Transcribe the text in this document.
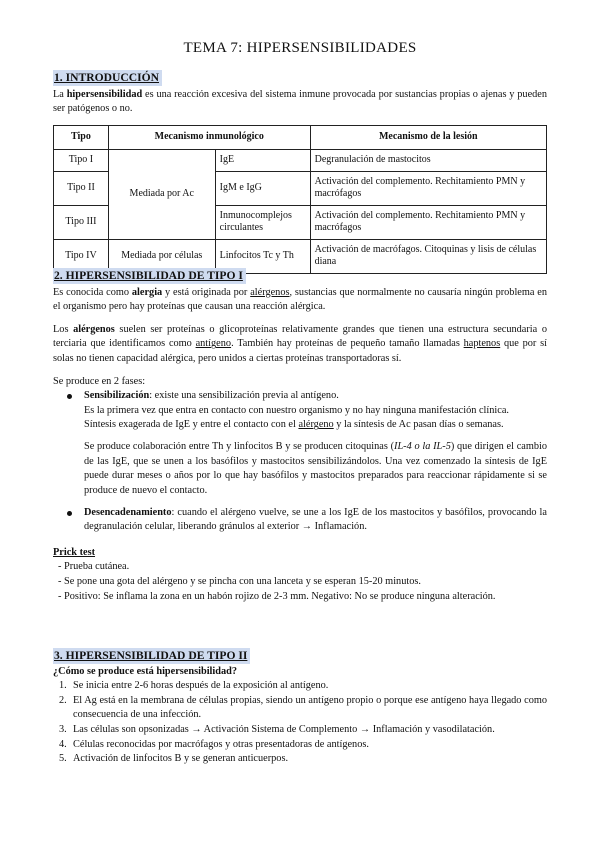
TEMA 7: HIPERSENSIBILIDADES
1. INTRODUCCIÓN

La hipersensibilidad es una reacción excesiva del sistema inmune provocada por sustancias propias o ajenas y pueden ser patógenos o no.

Tipo	Mecanismo inmunológico		Mecanismo de la lesión
Tipo I	Mediada por Ac	IgE	Degranulación de mastocitos
Tipo II		IgM e IgG	Activación del complemento. Rechitamiento PMN y macrófagos
Tipo III		Inmunocomplejos circulantes	Activación del complemento. Rechitamiento PMN y macrófagos
Tipo IV	Mediada por células	Linfocitos Tc y Th	Activación de macrófagos. Citoquinas y lisis de células diana
2. HIPERSENSIBILIDAD DE TIPO I

Es conocida como alergia y está originada por alérgenos, sustancias que normalmente no causaría ningún problema en el organismo pero hay proteínas que causan una reacción alérgica.

Los alérgenos suelen ser proteínas o glicoproteínas relativamente grandes que tienen una estructura secundaria o terciaria que identificamos como antígeno. También hay proteínas de pequeño tamaño llamadas haptenos que por sí solas no tienen capacidad alérgica, pero unidos a ciertas proteínas transportadoras sí.

Se produce en 2 fases:

Sensibilización: existe una sensibilización previa al antígeno.
Es la primera vez que entra en contacto con nuestro organismo y no hay ninguna manifestación clínica.
Síntesis exagerada de IgE y entre el contacto con el alérgeno y la síntesis de Ac pasan días o semanas.
Se produce colaboración entre Th y linfocitos B y se producen citoquinas (IL-4 o la IL-5) que dirigen el cambio de las IgE, que se unen a los basófilos y mastocitos sensibilizándolos. Una vez comenzado la síntesis de IgE puede durar meses o años por lo que hay basófilos y mastocitos preparados para reaccionar rápidamente si se produce de nuevo el contacto.
Desencadenamiento: cuando el alérgeno vuelve, se une a los IgE de los mastocitos y basófilos, provocando la degranulación celular, liberando gránulos al exterior → Inflamación.

Prick test

- Prueba cutánea.
- Se pone una gota del alérgeno y se pincha con una lanceta y se esperan 15-20 minutos.
- Positivo: Se inflama la zona en un habón rojizo de 2-3 mm. Negativo: No se produce ninguna alteración.
3. HIPERSENSIBILIDAD DE TIPO II

¿Cómo se produce está hipersensibilidad?

1. Se inicia entre 2-6 horas después de la exposición al antígeno.
2. El Ag está en la membrana de células propias, siendo un antígeno propio o porque ese antígeno haya llegado como consecuencia de una infección.
3. Las células son opsonizadas → Activación Sistema de Complemento → Inflamación y vasodilatación.
4. Células reconocidas por macrófagos y otras presentadoras de antígenos.
5. Activación de linfocitos B y se generan anticuerpos.
